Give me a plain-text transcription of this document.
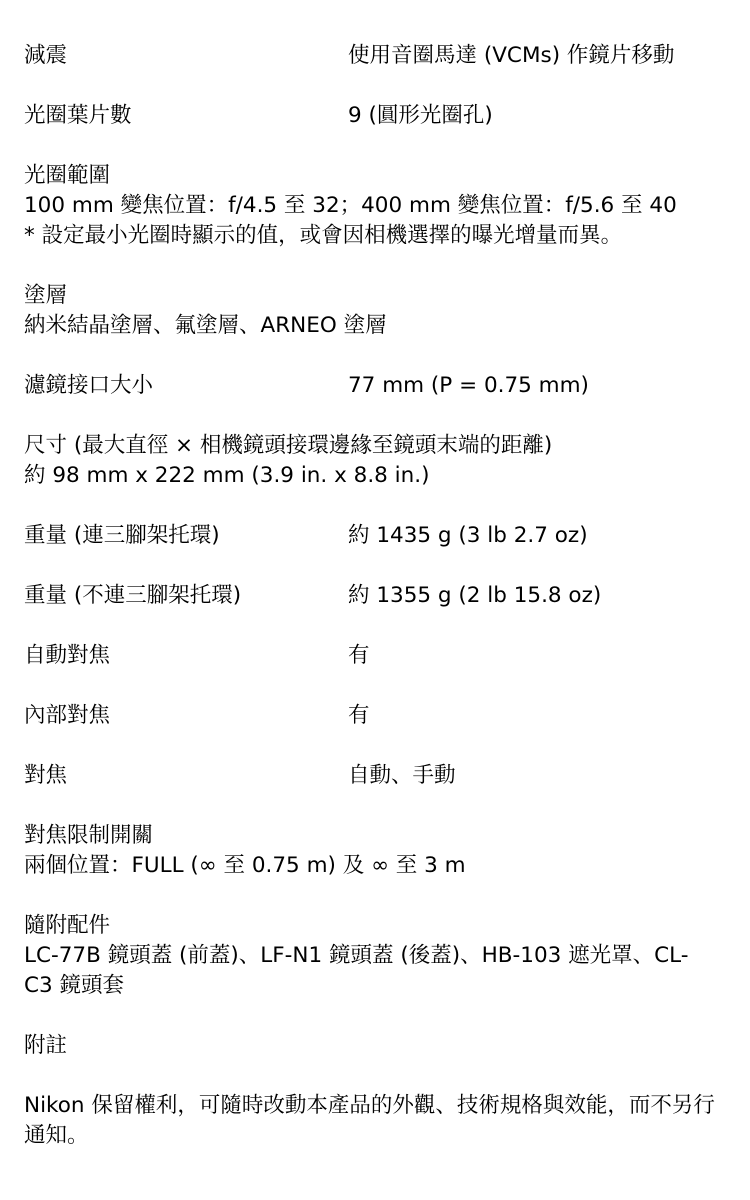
減震	使用音圈馬達 (VCMs) 作鏡片移動
光圈葉片數	9 (圓形光圈孔)
光圈範圍
100 mm 變焦位置：f/4.5 至 32；400 mm 變焦位置：f/5.6 至 40
* 設定最小光圈時顯示的值，或會因相機選擇的曝光增量而異。
塗層
納米結晶塗層、氟塗層、ARNEO 塗層
濾鏡接口大小	77 mm (P = 0.75 mm)
尺寸 (最大直徑 × 相機鏡頭接環邊緣至鏡頭末端的距離)
約 98 mm x 222 mm (3.9 in. x 8.8 in.)
重量 (連三腳架托環)	約 1435 g (3 lb 2.7 oz)
重量 (不連三腳架托環)	約 1355 g (2 lb 15.8 oz)
自動對焦	有
內部對焦	有
對焦	自動、手動
對焦限制開關
兩個位置：FULL (∞ 至 0.75 m) 及 ∞ 至 3 m
隨附配件
LC-77B 鏡頭蓋 (前蓋)、LF-N1 鏡頭蓋 (後蓋)、HB-103 遮光罩、CL-C3 鏡頭套
附註
Nikon 保留權利，可隨時改動本產品的外觀、技術規格與效能，而不另行通知。
